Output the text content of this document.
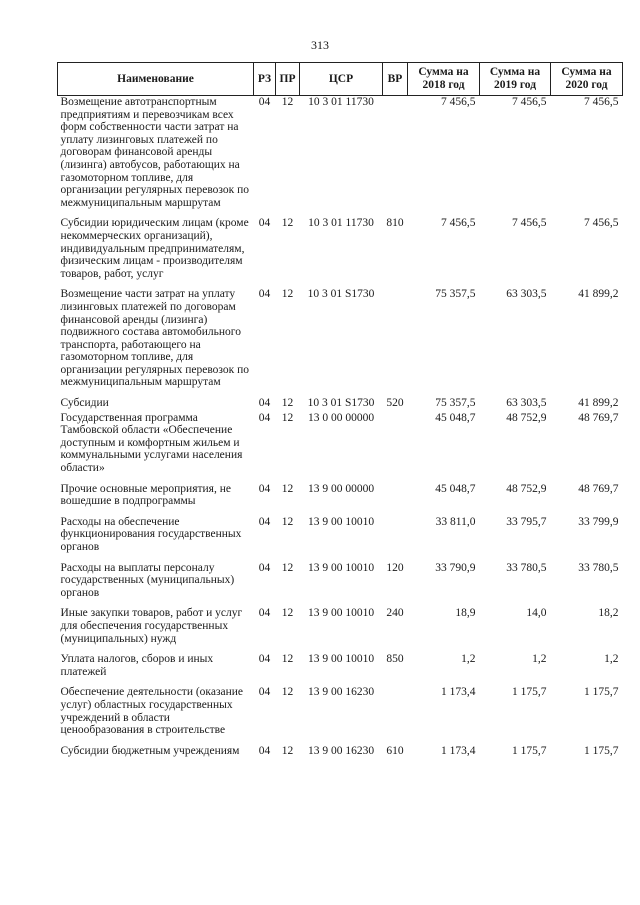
313
Наименование	РЗ	ПР	ЦСР	ВР	Сумма на 2018 год	Сумма на 2019 год	Сумма на 2020 год
Возмещение автотранспортным предприятиям и перевозчикам всех форм собственности части затрат на уплату лизинговых платежей по договорам финансовой аренды (лизинга) автобусов, работающих на газомоторном топливе, для организации регулярных перевозок по межмуниципальным маршрутам	04	12	10 3 01 11730		7 456,5	7 456,5	7 456,5
Субсидии юридическим лицам (кроме некоммерческих организаций), индивидуальным предпринимателям, физическим лицам - производителям товаров, работ, услуг	04	12	10 3 01 11730	810	7 456,5	7 456,5	7 456,5
Возмещение части затрат на уплату лизинговых платежей по договорам финансовой аренды (лизинга) подвижного состава автомобильного транспорта, работающего на газомоторном топливе, для организации регулярных перевозок по межмуниципальным маршрутам	04	12	10 3 01 S1730		75 357,5	63 303,5	41 899,2
Субсидии	04	12	10 3 01 S1730	520	75 357,5	63 303,5	41 899,2
Государственная программа Тамбовской области «Обеспечение доступным и комфортным жильем и коммунальными услугами населения области»	04	12	13 0 00 00000		45 048,7	48 752,9	48 769,7
Прочие основные мероприятия, не вошедшие в подпрограммы	04	12	13 9 00 00000		45 048,7	48 752,9	48 769,7
Расходы на обеспечение функционирования государственных органов	04	12	13 9 00 10010		33 811,0	33 795,7	33 799,9
Расходы на выплаты персоналу государственных (муниципальных) органов	04	12	13 9 00 10010	120	33 790,9	33 780,5	33 780,5
Иные закупки товаров, работ и услуг для обеспечения государственных (муниципальных) нужд	04	12	13 9 00 10010	240	18,9	14,0	18,2
Уплата налогов, сборов и иных платежей	04	12	13 9 00 10010	850	1,2	1,2	1,2
Обеспечение деятельности (оказание услуг) областных государственных учреждений в области ценообразования в строительстве	04	12	13 9 00 16230		1 173,4	1 175,7	1 175,7
Субсидии бюджетным учреждениям	04	12	13 9 00 16230	610	1 173,4	1 175,7	1 175,7
